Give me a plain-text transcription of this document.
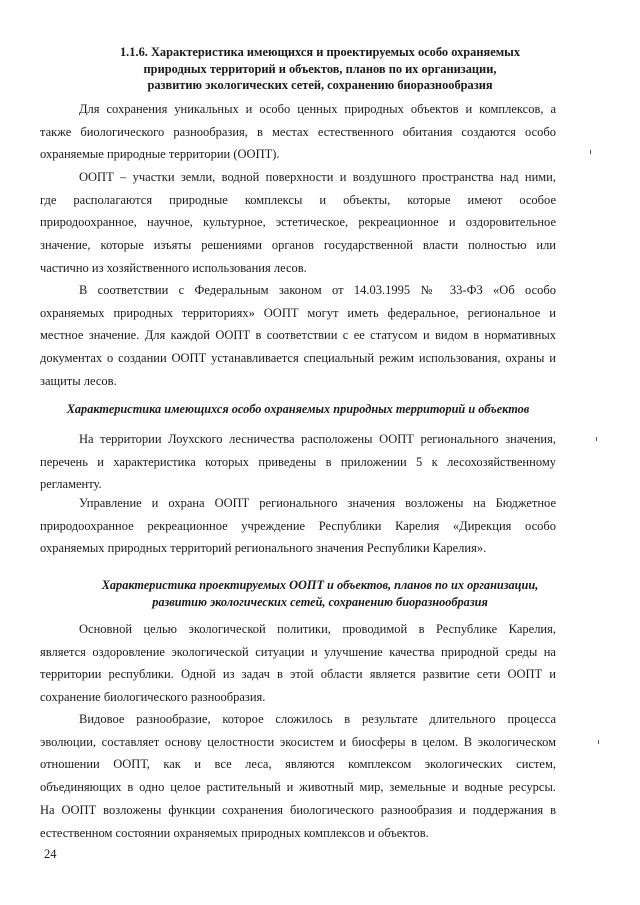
1.1.6. Характеристика имеющихся и проектируемых особо охраняемых
природных территорий и объектов, планов по их организации,
развитию экологических сетей, сохранению биоразнообразия

Для сохранения уникальных и особо ценных природных объектов и комплексов, а
также биологического разнообразия, в местах естественного обитания создаются особо
охраняемые природные территории (ООПТ).

ООПТ – участки земли, водной поверхности и воздушного пространства над ними,
где располагаются природные комплексы и объекты, которые имеют особое
природоохранное, научное, культурное, эстетическое, рекреационное и оздоровительное
значение, которые изъяты решениями органов государственной власти полностью или
частично из хозяйственного использования лесов.

В соответствии с Федеральным законом от 14.03.1995 № 33-ФЗ «Об особо
охраняемых природных территориях» ООПТ могут иметь федеральное, региональное и
местное значение. Для каждой ООПТ в соответствии с ее статусом и видом в нормативных
документах о создании ООПТ устанавливается специальный режим использования, охраны и
защиты лесов.

Характеристика имеющихся особо охраняемых природных территорий и объектов

На территории Лоухского лесничества расположены ООПТ регионального значения,
перечень и характеристика которых приведены в приложении 5 к лесохозяйственному
регламенту.

Управление и охрана ООПТ регионального значения возложены на Бюджетное
природоохранное рекреационное учреждение Республики Карелия «Дирекция особо
охраняемых природных территорий регионального значения Республики Карелия».

Характеристика проектируемых ООПТ и объектов, планов по их организации,
развитию экологических сетей, сохранению биоразнообразия

Основной целью экологической политики, проводимой в Республике Карелия,
является оздоровление экологической ситуации и улучшение качества природной среды на
территории республики. Одной из задач в этой области является развитие сети ООПТ и
сохранение биологического разнообразия.

Видовое разнообразие, которое сложилось в результате длительного процесса
эволюции, составляет основу целостности экосистем и биосферы в целом. В экологическом
отношении ООПТ, как и все леса, являются комплексом экологических систем,
объединяющих в одно целое растительный и животный мир, земельные и водные ресурсы.
На ООПТ возложены функции сохранения биологического разнообразия и поддержания в
естественном состоянии охраняемых природных комплексов и объектов.

24
